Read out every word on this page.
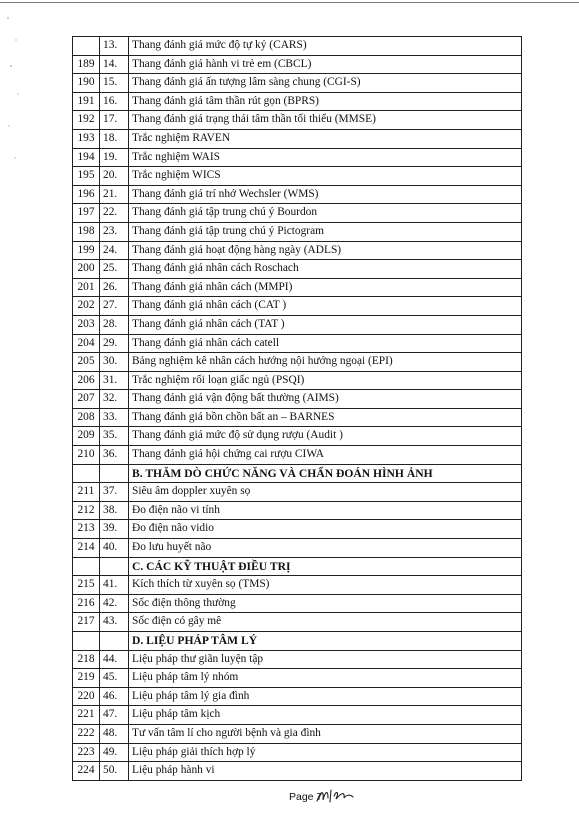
	13.	Thang đánh giá mức độ tự kỷ (CARS)
189	14.	Thang đánh giá hành vi trẻ em (CBCL)
190	15.	Thang đánh giá ấn tượng lâm sàng chung (CGI-S)
191	16.	Thang đánh giá tâm thần rút gọn (BPRS)
192	17.	Thang đánh giá trạng thái tâm thần tối thiểu (MMSE)
193	18.	Trắc nghiệm RAVEN
194	19.	Trắc nghiệm WAIS
195	20.	Trắc nghiệm WICS
196	21.	Thang đánh giá trí nhớ Wechsler (WMS)
197	22.	Thang đánh giá tập trung chú ý Bourdon
198	23.	Thang đánh giá tập trung chú ý Pictogram
199	24.	Thang đánh giá hoạt động hàng ngày (ADLS)
200	25.	Thang đánh giá nhân cách Roschach
201	26.	Thang đánh giá nhân cách (MMPI)
202	27.	Thang đánh giá nhân cách (CAT )
203	28.	Thang đánh giá nhân cách (TAT )
204	29.	Thang đánh giá nhân cách catell
205	30.	Bảng nghiệm kê nhân cách hướng nội hướng ngoại (EPI)
206	31.	Trắc nghiệm rối loạn giấc ngủ (PSQI)
207	32.	Thang đánh giá vận động bất thường (AIMS)
208	33.	Thang đánh giá bồn chồn bất an – BARNES
209	35.	Thang đánh giá mức độ sử dụng rượu (Audit )
210	36.	Thang đánh giá hội chứng cai rượu CIWA
		B. THĂM DÒ CHỨC NĂNG VÀ CHẨN ĐOÁN HÌNH ẢNH
211	37.	Siêu âm doppler xuyên sọ
212	38.	Đo điện não vi tính
213	39.	Đo điện não vidio
214	40.	Đo lưu huyết não
		C. CÁC KỸ THUẬT ĐIỀU TRỊ
215	41.	Kích thích từ xuyên sọ (TMS)
216	42.	Sốc điện thông thường
217	43.	Sốc điện có gây mê
		D. LIỆU PHÁP TÂM LÝ
218	44.	Liệu pháp thư giãn luyện tập
219	45.	Liệu pháp tâm lý nhóm
220	46.	Liệu pháp tâm lý gia đình
221	47.	Liệu pháp tâm kịch
222	48.	Tư vấn tâm lí cho người bệnh và gia đình
223	49.	Liệu pháp giải thích hợp lý
224	50.	Liệu pháp hành vi
Page 7
